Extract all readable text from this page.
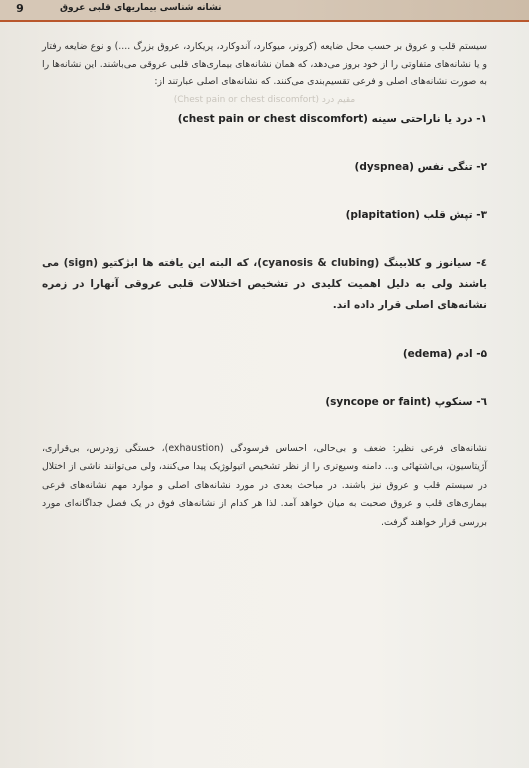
نشانه شناسی بیماریهای قلبی عروق
9

سیستم قلب و عروق بر حسب محل ضایعه (کرونر، میوکارد، آندوکارد، پریکارد، عروق بزرگ ....) و نوع ضایعه رفتار و یا نشانه‌های متفاوتی را از خود بروز می‌دهد، که همان نشانه‌های بیماری‌های قلبی عروقی می‌باشند. این نشانه‌ها را به صورت نشانه‌های اصلی و فرعی تقسیم‌بندی می‌کنند. که نشانه‌های اصلی عبارتند از:

(Chest pain or chest discomfort) مقیم درد

۱- درد یا ناراحتی سینه (chest pain or chest discomfort)

۲- تنگی نفس (dyspnea)

۳- تپش قلب (plapitation)

٤- سیانوز و کلابینگ (cyanosis & clubing)، که البته این یافته ها ابژکتیو (sign) می باشند ولی به دلیل اهمیت کلیدی در تشخیص اختلالات قلبی عروقی آنهارا در زمره نشانه‌های اصلی قرار داده اند.

۵- ادم (edema)

٦- سنکوپ (syncope or faint)

نشانه‌های فرعی نظیر: ضعف و بی‌حالی، احساس فرسودگی (exhaustion)، خستگی زودرس، بی‌قراری، آژیتاسیون، بی‌اشتهائی و... دامنه وسیع‌تری را از نظر تشخیص اتیولوژیک پیدا می‌کنند، ولی می‌توانند ناشی از اختلال در سیستم قلب و عروق نیز باشند. در مباحث بعدی در مورد نشانه‌های اصلی و موارد مهم نشانه‌های فرعی بیماری‌های قلب و عروق صحبت به میان خواهد آمد. لذا هر کدام از نشانه‌های فوق در یک فصل جداگانه‌ای مورد بررسی قرار خواهند گرفت.
